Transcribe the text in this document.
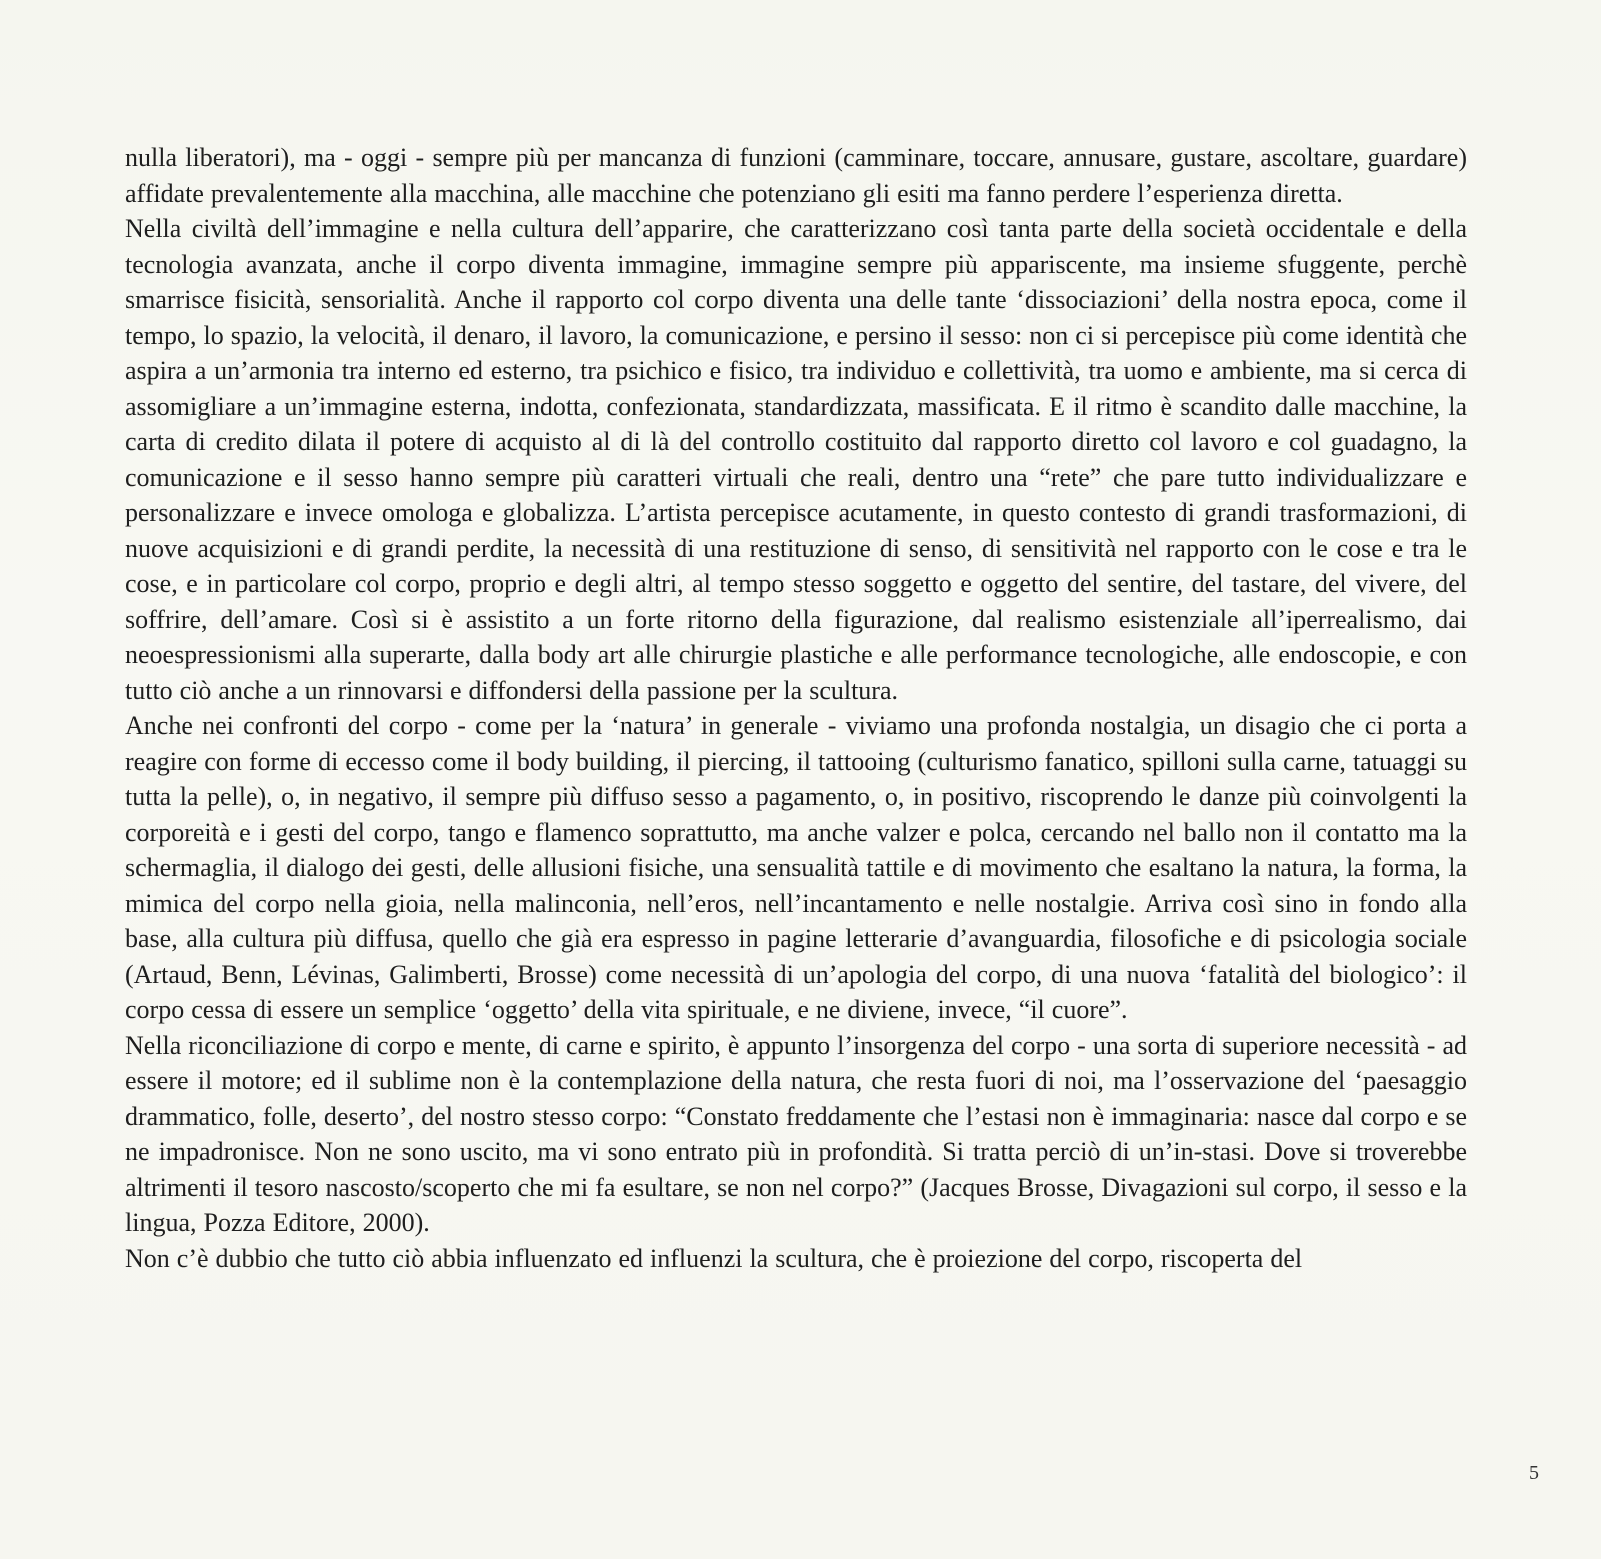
nulla liberatori), ma - oggi - sempre più per mancanza di funzioni (camminare, toccare, annusare, gustare, ascoltare, guardare) affidate prevalentemente alla macchina, alle macchine che potenziano gli esiti ma fanno perdere l’esperienza diretta.

Nella civiltà dell’immagine e nella cultura dell’apparire, che caratterizzano così tanta parte della società occidentale e della tecnologia avanzata, anche il corpo diventa immagine, immagine sempre più appariscente, ma insieme sfuggente, perchè smarrisce fisicità, sensorialità. Anche il rapporto col corpo diventa una delle tante ‘dissociazioni’ della nostra epoca, come il tempo, lo spazio, la velocità, il denaro, il lavoro, la comunicazione, e persino il sesso: non ci si percepisce più come identità che aspira a un’armonia tra interno ed esterno, tra psichico e fisico, tra individuo e collettività, tra uomo e ambiente, ma si cerca di assomigliare a un’immagine esterna, indotta, confezionata, standardizzata, massificata. E il ritmo è scandito dalle macchine, la carta di credito dilata il potere di acquisto al di là del controllo costituito dal rapporto diretto col lavoro e col guadagno, la comunicazione e il sesso hanno sempre più caratteri virtuali che reali, dentro una “rete” che pare tutto individualizzare e personalizzare e invece omologa e globalizza. L’artista percepisce acutamente, in questo contesto di grandi trasformazioni, di nuove acquisizioni e di grandi perdite, la necessità di una restituzione di senso, di sensitività nel rapporto con le cose e tra le cose, e in particolare col corpo, proprio e degli altri, al tempo stesso soggetto e oggetto del sentire, del tastare, del vivere, del soffrire, dell’amare. Così si è assistito a un forte ritorno della figurazione, dal realismo esistenziale all’iperrealismo, dai neoespressionismi alla superarte, dalla body art alle chirurgie plastiche e alle performance tecnologiche, alle endoscopie, e con tutto ciò anche a un rinnovarsi e diffondersi della passione per la scultura.

Anche nei confronti del corpo - come per la ‘natura’ in generale - viviamo una profonda nostalgia, un disagio che ci porta a reagire con forme di eccesso come il body building, il piercing, il tattooing (culturismo fanatico, spilloni sulla carne, tatuaggi su tutta la pelle), o, in negativo, il sempre più diffuso sesso a pagamento, o, in positivo, riscoprendo le danze più coinvolgenti la corporeità e i gesti del corpo, tango e flamenco soprattutto, ma anche valzer e polca, cercando nel ballo non il contatto ma la schermaglia, il dialogo dei gesti, delle allusioni fisiche, una sensualità tattile e di movimento che esaltano la natura, la forma, la mimica del corpo nella gioia, nella malinconia, nell’eros, nell’incantamento e nelle nostalgie. Arriva così sino in fondo alla base, alla cultura più diffusa, quello che già era espresso in pagine letterarie d’avanguardia, filosofiche e di psicologia sociale (Artaud, Benn, Lévinas, Galimberti, Brosse) come necessità di un’apologia del corpo, di una nuova ‘fatalità del biologico’: il corpo cessa di essere un semplice ‘oggetto’ della vita spirituale, e ne diviene, invece, “il cuore”.

Nella riconciliazione di corpo e mente, di carne e spirito, è appunto l’insorgenza del corpo - una sorta di superiore necessità - ad essere il motore; ed il sublime non è la contemplazione della natura, che resta fuori di noi, ma l’osservazione del ‘paesaggio drammatico, folle, deserto’, del nostro stesso corpo: “Constato freddamente che l’estasi non è immaginaria: nasce dal corpo e se ne impadronisce. Non ne sono uscito, ma vi sono entrato più in profondità. Si tratta perciò di un’in-stasi. Dove si troverebbe altrimenti il tesoro nascosto/scoperto che mi fa esultare, se non nel corpo?” (Jacques Brosse, Divagazioni sul corpo, il sesso e la lingua, Pozza Editore, 2000).

Non c’è dubbio che tutto ciò abbia influenzato ed influenzi la scultura, che è proiezione del corpo, riscoperta del

5
